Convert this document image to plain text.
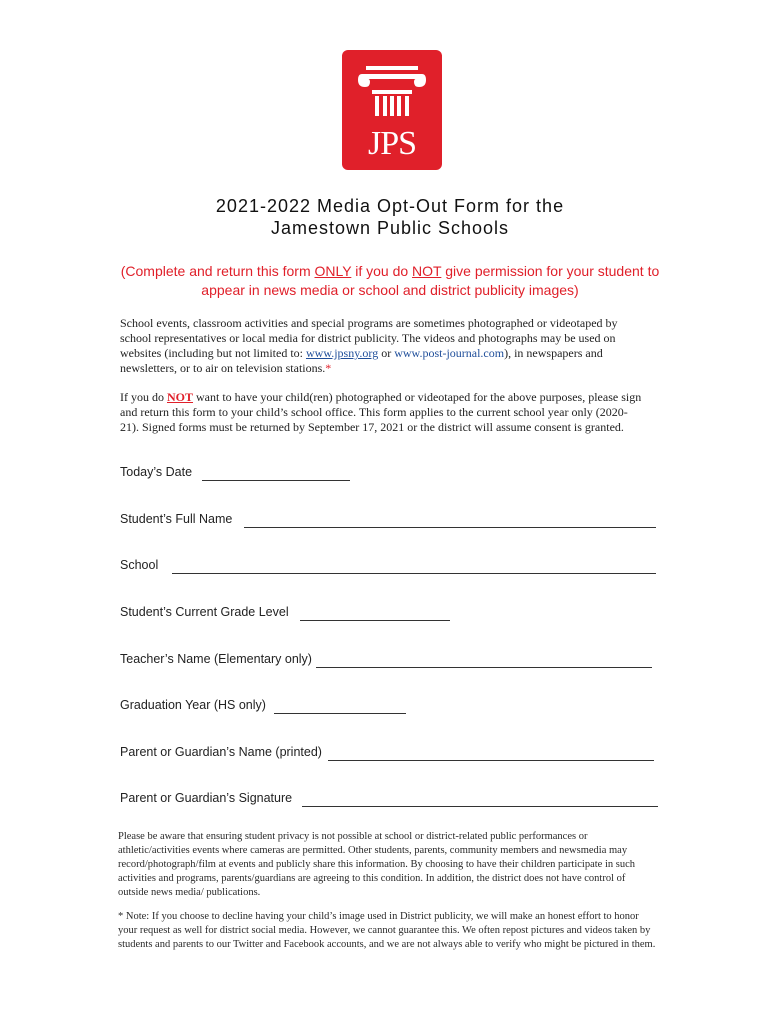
JPS
2021-2022 Media Opt-Out Form for the
Jamestown Public Schools
(Complete and return this form ONLY if you do NOT give permission for your student to appear in news media or school and district publicity images)
School events, classroom activities and special programs are sometimes photographed or videotaped by school representatives or local media for district publicity. The videos and photographs may be used on websites (including but not limited to: www.jpsny.org or www.post-journal.com), in newspapers and newsletters, or to air on television stations.*
If you do NOT want to have your child(ren) photographed or videotaped for the above purposes, please sign and return this form to your child’s school office. This form applies to the current school year only (2020-21). Signed forms must be returned by September 17, 2021 or the district will assume consent is granted.
Today’s Date
Student’s Full Name
School
Student’s Current Grade Level
Teacher’s Name (Elementary only)
Graduation Year (HS only)
Parent or Guardian’s Name (printed)
Parent or Guardian’s Signature
Please be aware that ensuring student privacy is not possible at school or district-related public performances or athletic/activities events where cameras are permitted. Other students, parents, community members and newsmedia may record/photograph/film at events and publicly share this information. By choosing to have their children participate in such activities and programs, parents/guardians are agreeing to this condition. In addition, the district does not have control of outside news media/ publications.
* Note: If you choose to decline having your child’s image used in District publicity, we will make an honest effort to honor your request as well for district social media. However, we cannot guarantee this. We often repost pictures and videos taken by students and parents to our Twitter and Facebook accounts, and we are not always able to verify who might be pictured in them.
